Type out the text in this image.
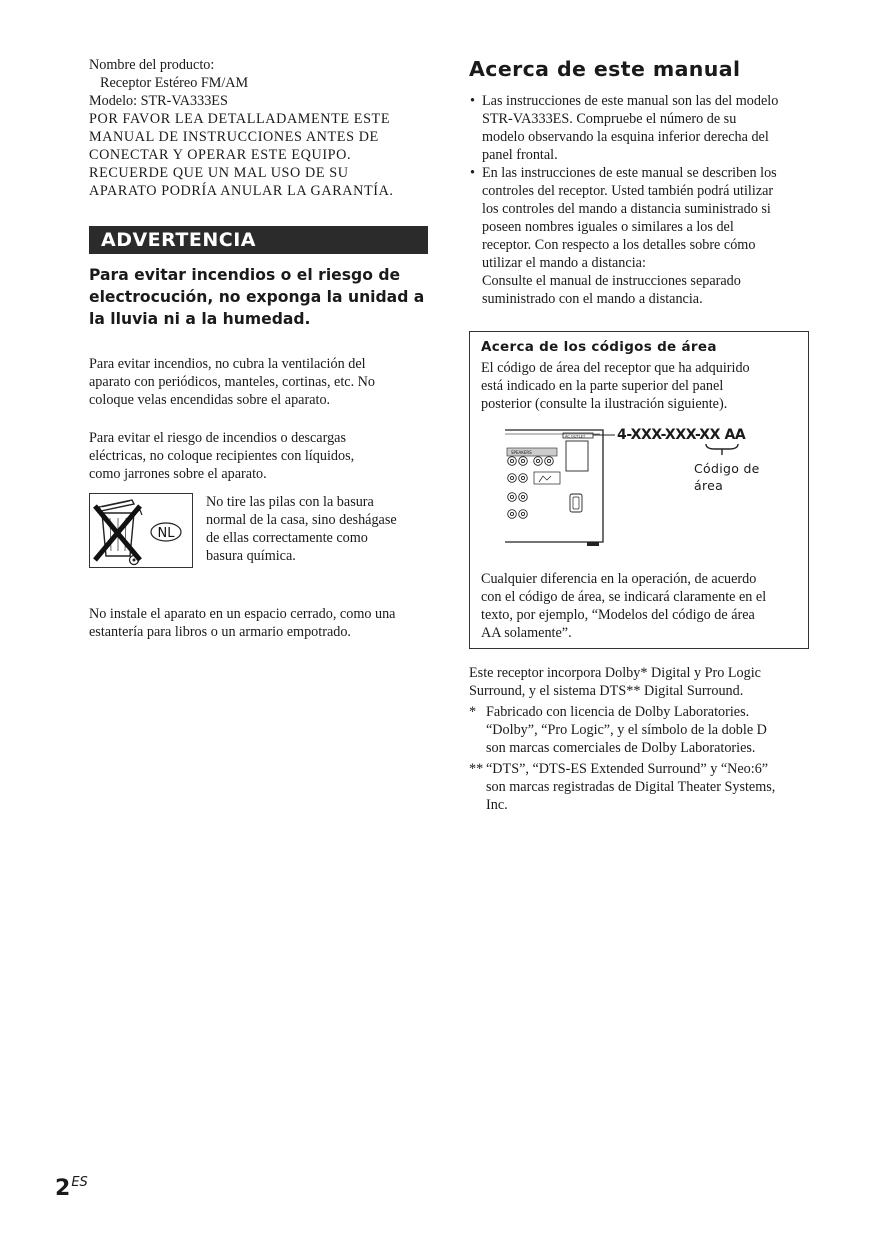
Nombre del producto:

Receptor Estéreo FM/AM

Modelo: STR-VA333ES

POR FAVOR LEA DETALLADAMENTE ESTE

MANUAL DE INSTRUCCIONES ANTES DE

CONECTAR Y OPERAR ESTE EQUIPO.

RECUERDE QUE UN MAL USO DE SU

APARATO PODRÍA ANULAR LA GARANTÍA.

ADVERTENCIA

Para evitar incendios o el riesgo de

electrocución, no exponga la unidad a

la lluvia ni a la humedad.

Para evitar incendios, no cubra la ventilación del

aparato con periódicos, manteles, cortinas, etc. No

coloque velas encendidas sobre el aparato.

Para evitar el riesgo de incendios o descargas

eléctricas, no coloque recipientes con líquidos,

como jarrones sobre el aparato.

NL

No tire las pilas con la basura

normal de la casa, sino deshágase

de ellas correctamente como

basura química.

No instale el aparato en un espacio cerrado, como una

estantería para libros o un armario empotrado.

Acerca de este manual

• Las instrucciones de este manual son las del modelo

STR-VA333ES. Compruebe el número de su

modelo observando la esquina inferior derecha del

panel frontal.

• En las instrucciones de este manual se describen los

controles del receptor. Usted también podrá utilizar

los controles del mando a distancia suministrado si

poseen nombres iguales o similares a los del

receptor. Con respecto a los detalles sobre cómo

utilizar el mando a distancia:

Consulte el manual de instrucciones separado

suministrado con el mando a distancia.

Acerca de los códigos de área

El código de área del receptor que ha adquirido

está indicado en la parte superior del panel

posterior (consulte la ilustración siguiente).

AC OUTLET
SPEAKERS
4-XXX-XXX-XX AA

Código de

área

Cualquier diferencia en la operación, de acuerdo

con el código de área, se indicará claramente en el

texto, por ejemplo, “Modelos del código de área

AA solamente”.

Este receptor incorpora Dolby* Digital y Pro Logic

Surround, y el sistema DTS** Digital Surround.

* Fabricado con licencia de Dolby Laboratories.

“Dolby”, “Pro Logic”, y el símbolo de la doble D

son marcas comerciales de Dolby Laboratories.

** “DTS”, “DTS-ES Extended Surround” y “Neo:6”

son marcas registradas de Digital Theater Systems,

Inc.

$2^{ES}$
